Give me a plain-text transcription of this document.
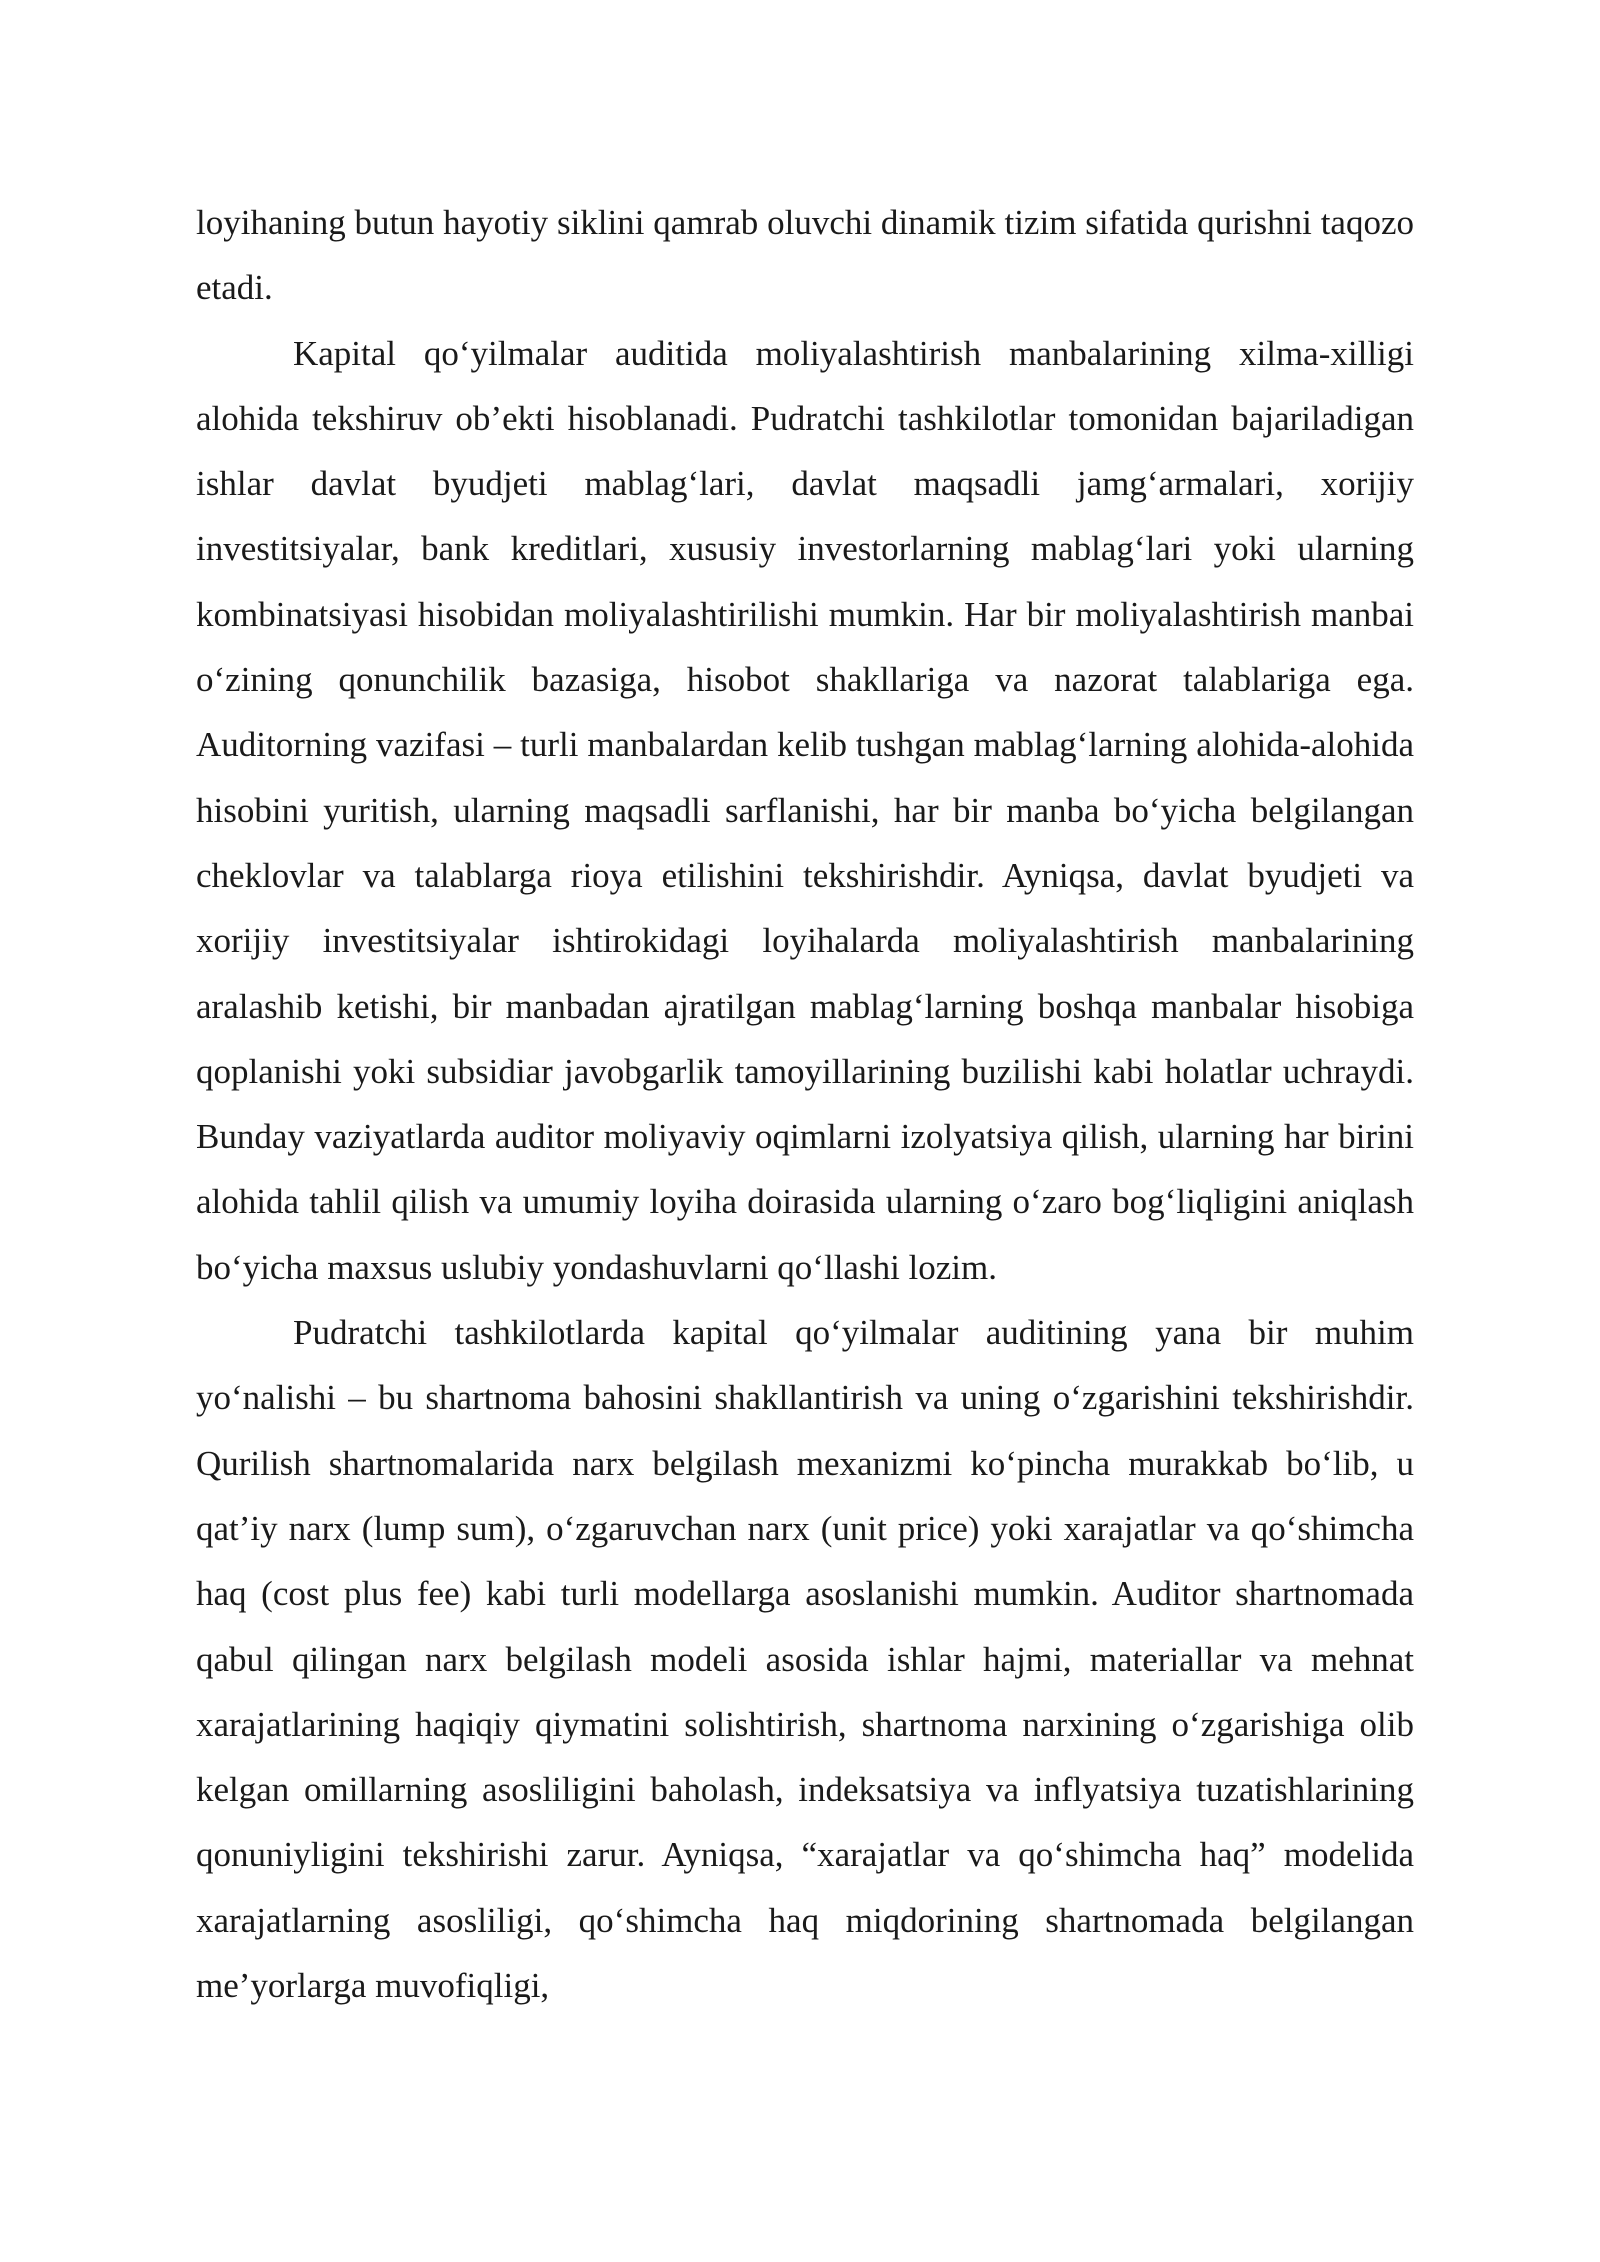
loyihaning butun hayotiy siklini qamrab oluvchi dinamik tizim sifatida qurishni taqozo etadi.

Kapital qo‘yilmalar auditida moliyalashtirish manbalarining xilma-xilligi alohida tekshiruv ob’ekti hisoblanadi. Pudratchi tashkilotlar tomonidan bajariladigan ishlar davlat byudjeti mablag‘lari, davlat maqsadli jamg‘armalari, xorijiy investitsiyalar, bank kreditlari, xususiy investorlarning mablag‘lari yoki ularning kombinatsiyasi hisobidan moliyalashtirilishi mumkin. Har bir moliyalashtirish manbai o‘zining qonunchilik bazasiga, hisobot shakllariga va nazorat talablariga ega. Auditorning vazifasi – turli manbalardan kelib tushgan mablag‘larning alohida-alohida hisobini yuritish, ularning maqsadli sarflanishi, har bir manba bo‘yicha belgilangan cheklovlar va talablarga rioya etilishini tekshirishdir. Ayniqsa, davlat byudjeti va xorijiy investitsiyalar ishtirokidagi loyihalarda moliyalashtirish manbalarining aralashib ketishi, bir manbadan ajratilgan mablag‘larning boshqa manbalar hisobiga qoplanishi yoki subsidiar javobgarlik tamoyillarining buzilishi kabi holatlar uchraydi. Bunday vaziyatlarda auditor moliyaviy oqimlarni izolyatsiya qilish, ularning har birini alohida tahlil qilish va umumiy loyiha doirasida ularning o‘zaro bog‘liqligini aniqlash bo‘yicha maxsus uslubiy yondashuvlarni qo‘llashi lozim.

Pudratchi tashkilotlarda kapital qo‘yilmalar auditining yana bir muhim yo‘nalishi – bu shartnoma bahosini shakllantirish va uning o‘zgarishini tekshirishdir. Qurilish shartnomalarida narx belgilash mexanizmi ko‘pincha murakkab bo‘lib, u qat’iy narx (lump sum), o‘zgaruvchan narx (unit price) yoki xarajatlar va qo‘shimcha haq (cost plus fee) kabi turli modellarga asoslanishi mumkin. Auditor shartnomada qabul qilingan narx belgilash modeli asosida ishlar hajmi, materiallar va mehnat xarajatlarining haqiqiy qiymatini solishtirish, shartnoma narxining o‘zgarishiga olib kelgan omillarning asosliligini baholash, indeksatsiya va inflyatsiya tuzatishlarining qonuniyligini tekshirishi zarur. Ayniqsa, “xarajatlar va qo‘shimcha haq” modelida xarajatlarning asosliligi, qo‘shimcha haq miqdorining shartnomada belgilangan me’yorlarga muvofiqligi,
